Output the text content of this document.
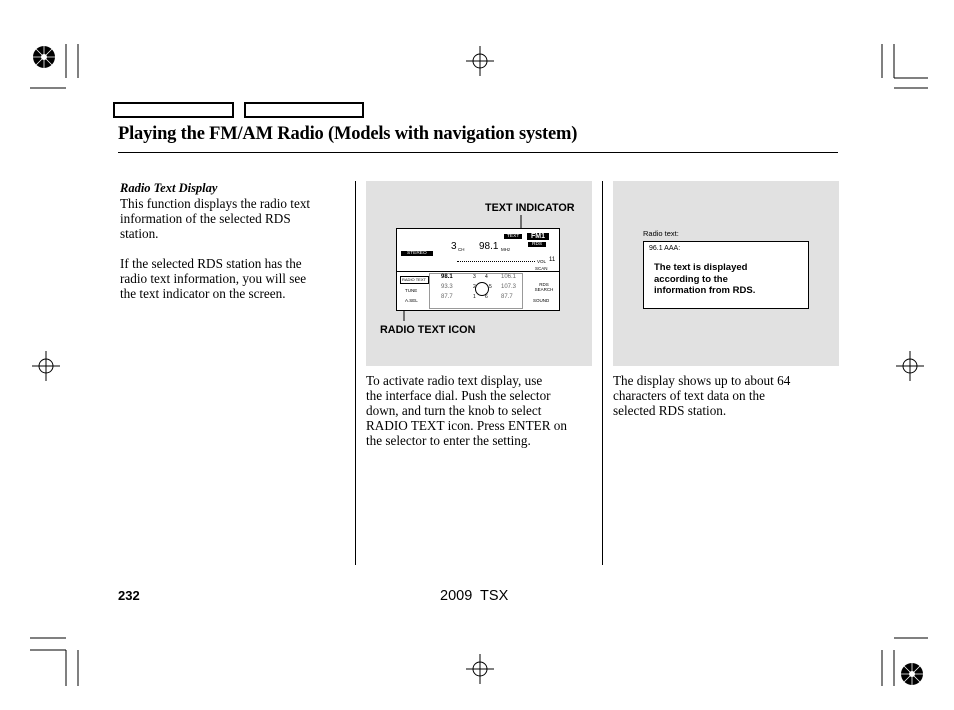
Playing the FM/AM Radio (Models with navigation system)
Radio Text Display
This function displays the radio text
information of the selected RDS
station.
If the selected RDS station has the
radio text information, you will see
the text indicator on the screen.
TEXT INDICATOR
RADIO TEXT ICON
STEREO
TEXT	FM1
RDS
3 CH 98.1 MHz
VOL 11
SCAN
RADIO TEXT
TUNE
A.SEL
98.1	3
93.3	2
87.7	1
4 106.1
5 107.3
6 87.7
RDS SEARCH
SOUND
To activate radio text display, use
the interface dial. Push the selector
down, and turn the knob to select
RADIO TEXT icon. Press ENTER on
the selector to enter the setting.
Radio text:
96.1 AAA:
The text is displayed
according to the
information from RDS.
The display shows up to about 64
characters of text data on the
selected RDS station.
232	2009  TSX
